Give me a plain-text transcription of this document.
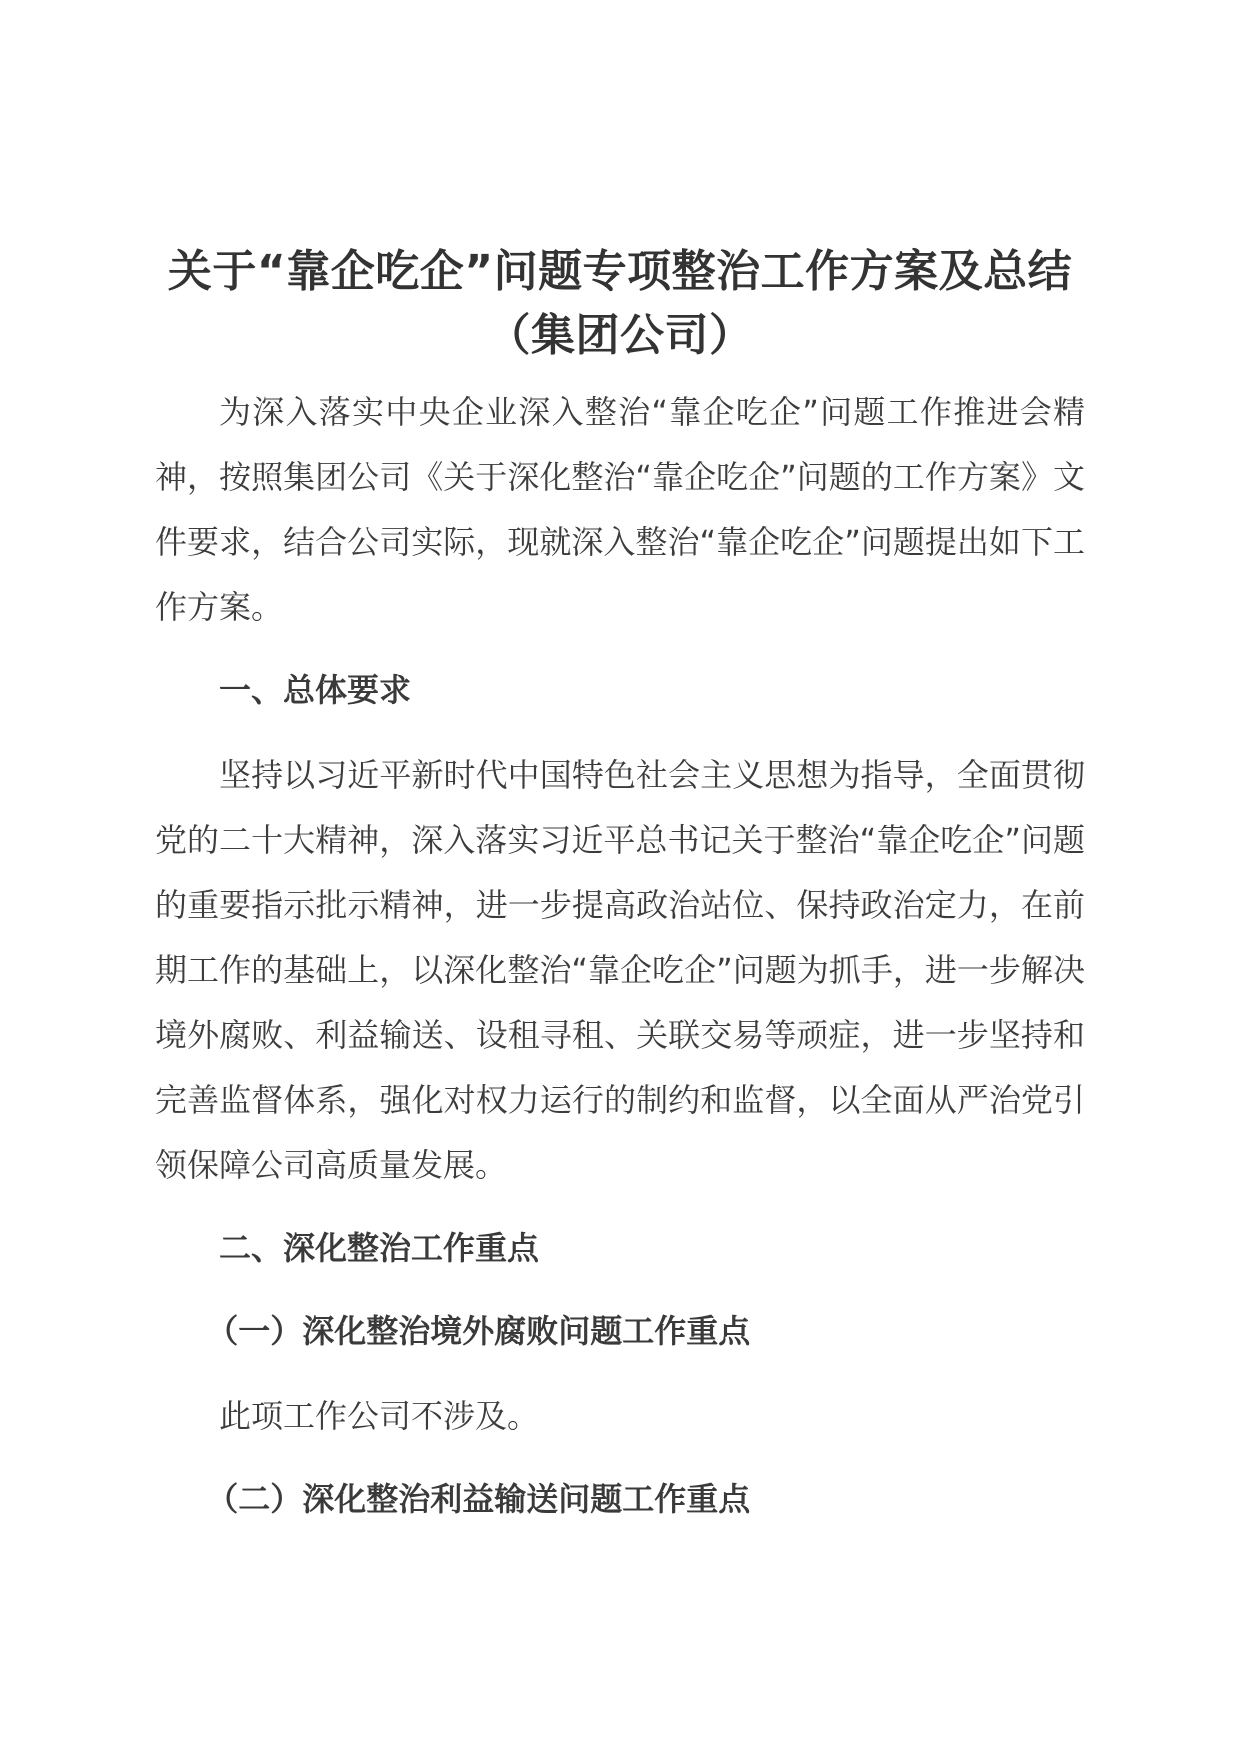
关于“靠企吃企”问题专项整治工作方案及总结（集团公司）

为深入落实中央企业深入整治“靠企吃企”问题工作推进会精神，按照集团公司《关于深化整治“靠企吃企”问题的工作方案》文件要求，结合公司实际，现就深入整治“靠企吃企”问题提出如下工作方案。

一、总体要求

坚持以习近平新时代中国特色社会主义思想为指导，全面贯彻党的二十大精神，深入落实习近平总书记关于整治“靠企吃企”问题的重要指示批示精神，进一步提高政治站位、保持政治定力，在前期工作的基础上，以深化整治“靠企吃企”问题为抓手，进一步解决境外腐败、利益输送、设租寻租、关联交易等顽症，进一步坚持和完善监督体系，强化对权力运行的制约和监督，以全面从严治党引领保障公司高质量发展。

二、深化整治工作重点

（一）深化整治境外腐败问题工作重点

此项工作公司不涉及。

（二）深化整治利益输送问题工作重点
